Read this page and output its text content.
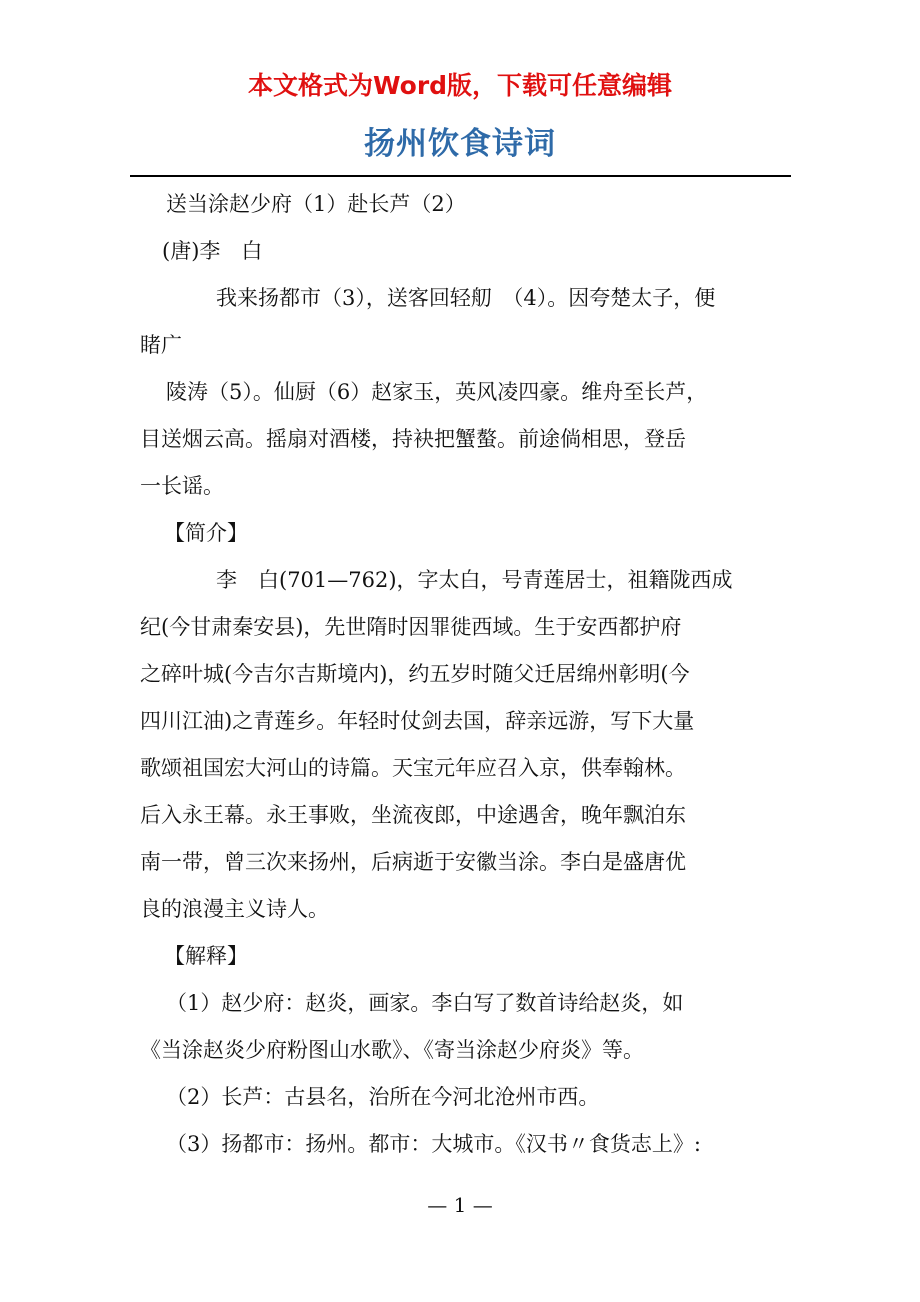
本文格式为Word版，下载可任意编辑
扬州饮食诗词

送当涂赵少府（1）赴长芦（2）

(唐)李　白

我来扬都市（3），送客回轻舠　（4）。因夸楚太子，便

睹广

陵涛（5）。仙厨（6）赵家玉，英风凌四豪。维舟至长芦，

目送烟云高。摇扇对酒楼，持袂把蟹螯。前途倘相思，登岳

一长谣。

【简介】

李　白(701—762)，字太白，号青莲居士，祖籍陇西成

纪(今甘肃秦安县)，先世隋时因罪徙西域。生于安西都护府

之碎叶城(今吉尔吉斯境内)，约五岁时随父迁居绵州彰明(今

四川江油)之青莲乡。年轻时仗剑去国，辞亲远游，写下大量

歌颂祖国宏大河山的诗篇。天宝元年应召入京，供奉翰林。

后入永王幕。永王事败，坐流夜郎，中途遇舍，晚年飘泊东

南一带，曾三次来扬州，后病逝于安徽当涂。李白是盛唐优

良的浪漫主义诗人。

【解释】

（1）赵少府：赵炎，画家。李白写了数首诗给赵炎，如

《当涂赵炎少府粉图山水歌》、《寄当涂赵少府炎》等。

（2）长芦：古县名，治所在今河北沧州市西。

（3）扬都市：扬州。都市：大城市。《汉书〃食货志上》:

— 1 —
